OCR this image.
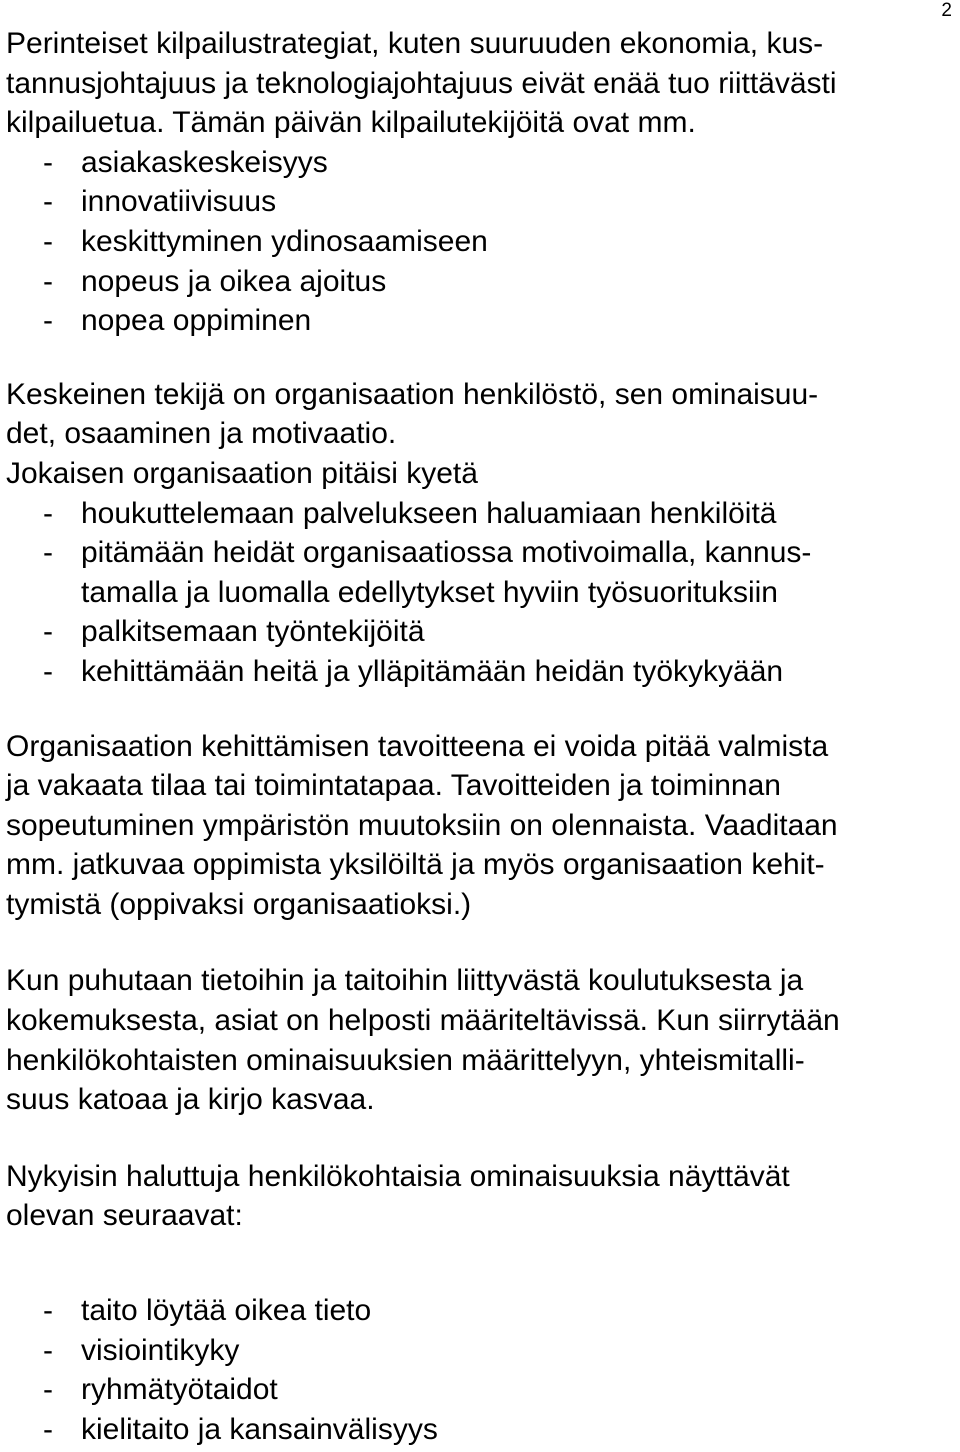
2

Perinteiset kilpailustrategiat, kuten suuruuden ekonomia, kus-
tannusjohtajuus ja teknologiajohtajuus eivät enää tuo riittävästi
kilpailuetua. Tämän päivän kilpailutekijöitä ovat mm.

- asiakaskeskeisyys
- innovatiivisuus
- keskittyminen ydinosaamiseen
- nopeus ja oikea ajoitus
- nopea oppiminen

Keskeinen tekijä on organisaation henkilöstö, sen ominaisuu-
det, osaaminen ja motivaatio.
Jokaisen organisaation pitäisi kyetä

- houkuttelemaan palvelukseen haluamiaan henkilöitä
- pitämään heidät organisaatiossa motivoimalla, kannus-
tamalla ja luomalla edellytykset hyviin työsuorituksiin
- palkitsemaan työntekijöitä
- kehittämään heitä ja ylläpitämään heidän työkykyään

Organisaation kehittämisen tavoitteena ei voida pitää valmista
ja vakaata tilaa tai toimintatapaa. Tavoitteiden ja toiminnan
sopeutuminen ympäristön muutoksiin on olennaista. Vaaditaan
mm. jatkuvaa oppimista yksilöiltä ja myös organisaation kehit-
tymistä (oppivaksi organisaatioksi.)

Kun puhutaan tietoihin ja taitoihin liittyvästä koulutuksesta ja
kokemuksesta, asiat on helposti määriteltävissä. Kun siirrytään
henkilökohtaisten ominaisuuksien määrittelyyn, yhteismitalli-
suus katoaa ja kirjo kasvaa.

Nykyisin haluttuja henkilökohtaisia ominaisuuksia näyttävät
olevan seuraavat:

- taito löytää oikea tieto
- visiointikyky
- ryhmätyötaidot
- kielitaito ja kansainvälisyys
